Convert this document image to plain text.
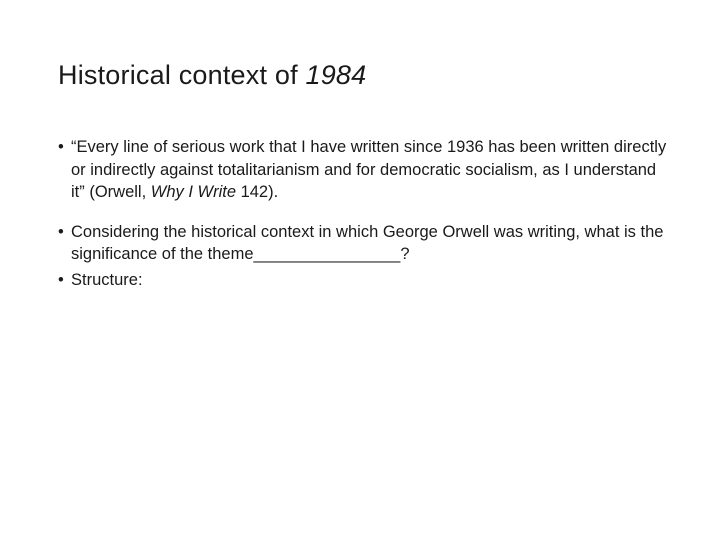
Historical context of 1984
• “Every line of serious work that I have written since 1936 has been written directly or indirectly against totalitarianism and for democratic socialism, as I understand it” (Orwell, Why I Write 142).
• Considering the historical context in which George Orwell was writing, what is the significance of the theme________________?
• Structure:
